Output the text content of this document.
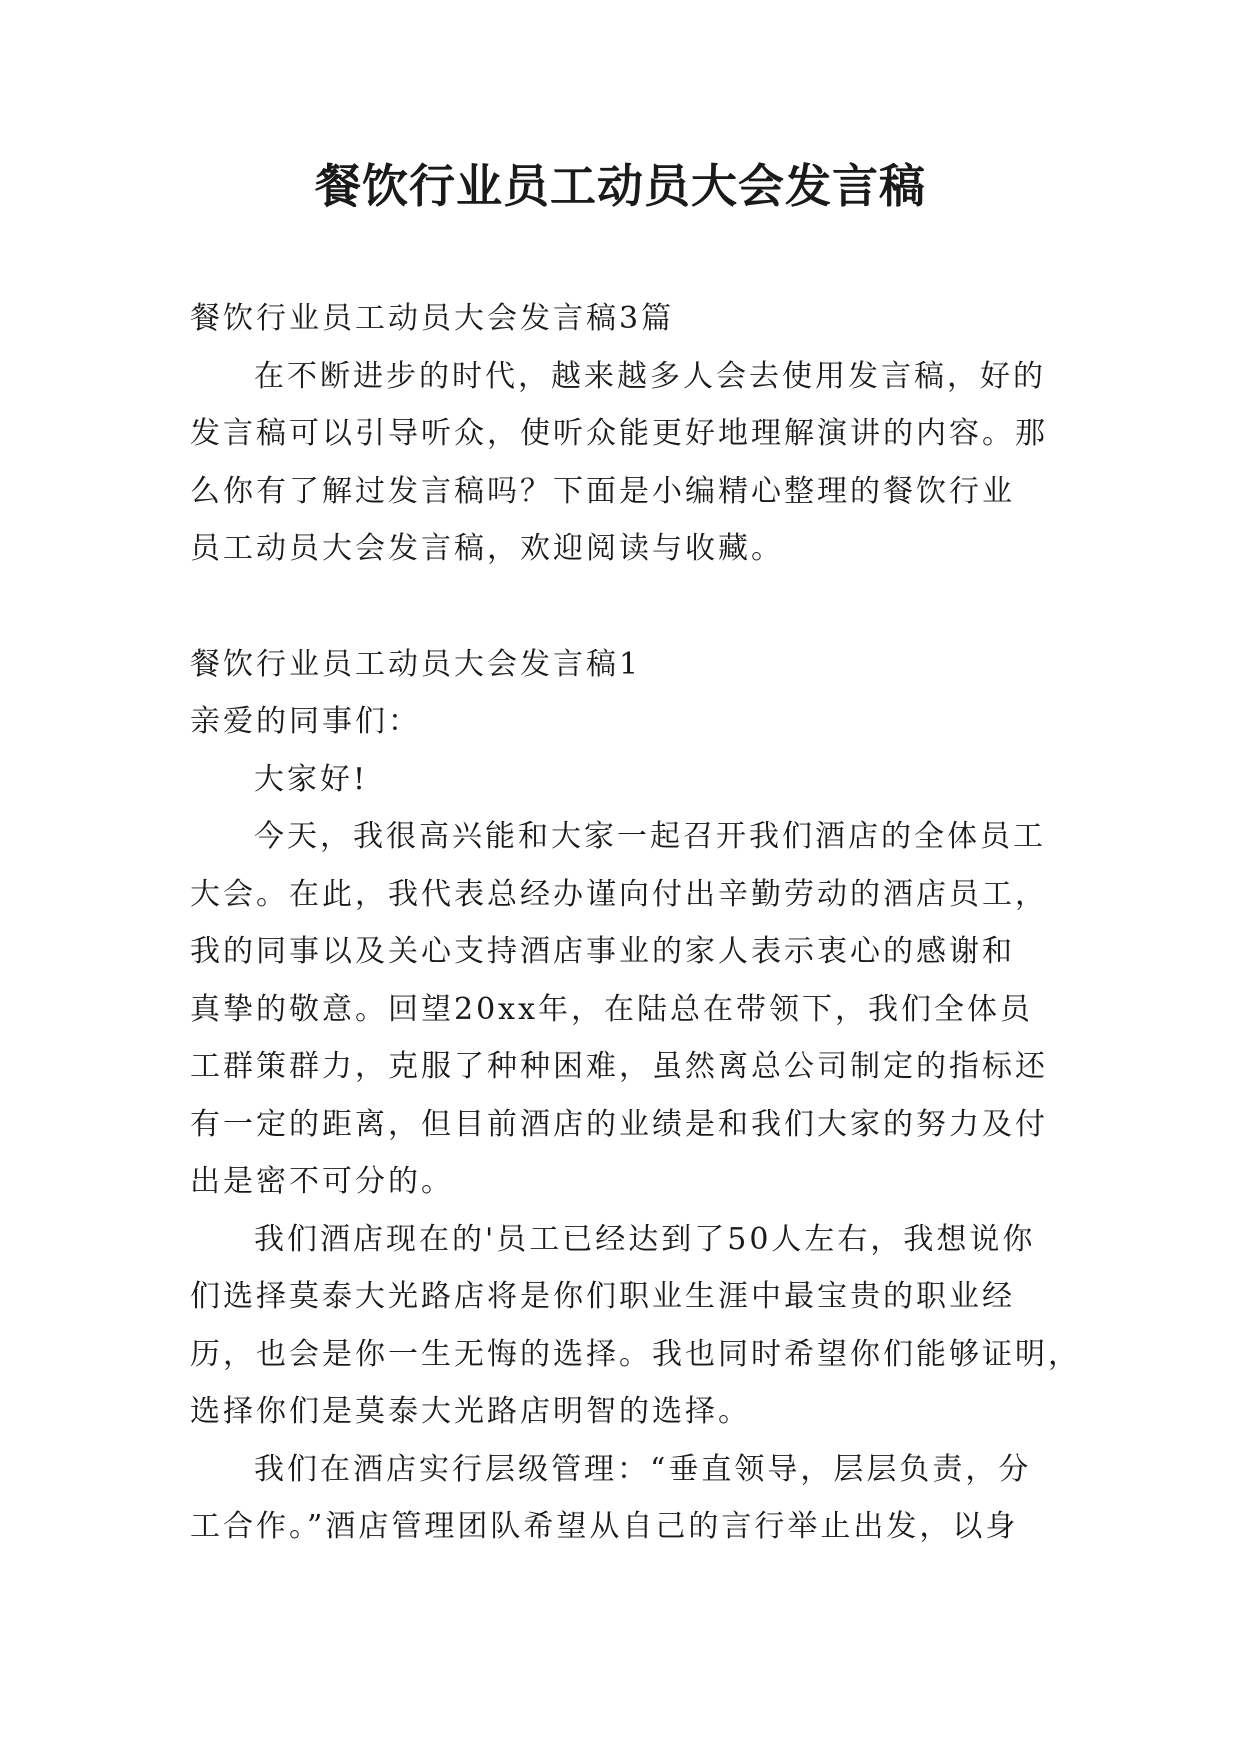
餐饮行业员工动员大会发言稿
餐饮行业员工动员大会发言稿3篇
在不断进步的时代，越来越多人会去使用发言稿，好的
发言稿可以引导听众，使听众能更好地理解演讲的内容。那
么你有了解过发言稿吗？下面是小编精心整理的餐饮行业
员工动员大会发言稿，欢迎阅读与收藏。
餐饮行业员工动员大会发言稿1
亲爱的同事们：
大家好!
今天，我很高兴能和大家一起召开我们酒店的全体员工
大会。在此，我代表总经办谨向付出辛勤劳动的酒店员工，
我的同事以及关心支持酒店事业的家人表示衷心的感谢和
真挚的敬意。回望20xx年，在陆总在带领下，我们全体员
工群策群力，克服了种种困难，虽然离总公司制定的指标还
有一定的距离，但目前酒店的业绩是和我们大家的努力及付
出是密不可分的。
我们酒店现在的'员工已经达到了50人左右，我想说你
们选择莫泰大光路店将是你们职业生涯中最宝贵的职业经
历，也会是你一生无悔的选择。我也同时希望你们能够证明，
选择你们是莫泰大光路店明智的选择。
我们在酒店实行层级管理：“垂直领导，层层负责，分
工合作。”酒店管理团队希望从自己的言行举止出发，以身
